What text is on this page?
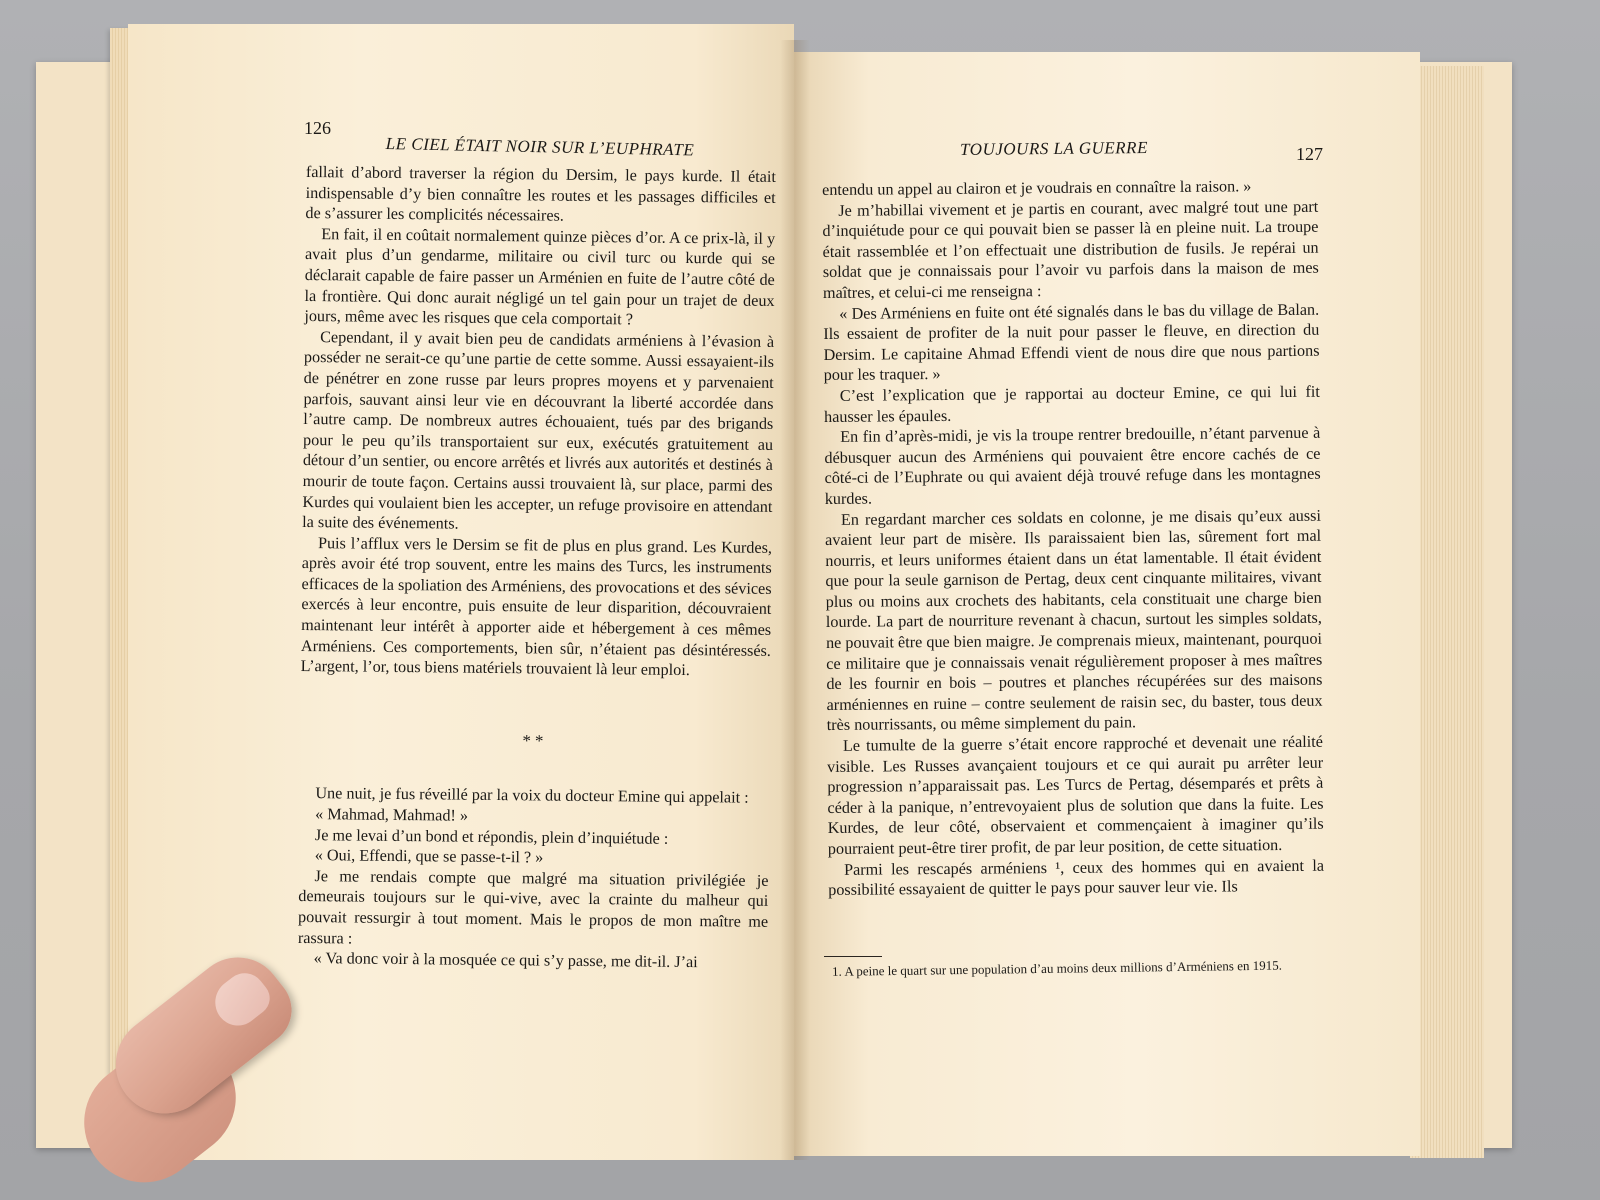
126
LE CIEL ÉTAIT NOIR SUR L’EUPHRATE

fallait d’abord traverser la région du Dersim, le pays kurde. Il était indispensable d’y bien connaître les routes et les passages difficiles et de s’assurer les complicités nécessaires.

En fait, il en coûtait normalement quinze pièces d’or. A ce prix-là, il y avait plus d’un gendarme, militaire ou civil turc ou kurde qui se déclarait capable de faire passer un Arménien en fuite de l’autre côté de la frontière. Qui donc aurait négligé un tel gain pour un trajet de deux jours, même avec les risques que cela comportait ?

Cependant, il y avait bien peu de candidats arméniens à l’évasion à posséder ne serait-ce qu’une partie de cette somme. Aussi essayaient-ils de pénétrer en zone russe par leurs propres moyens et y parvenaient parfois, sauvant ainsi leur vie en découvrant la liberté accordée dans l’autre camp. De nombreux autres échouaient, tués par des brigands pour le peu qu’ils transportaient sur eux, exécutés gratuitement au détour d’un sentier, ou encore arrêtés et livrés aux autorités et destinés à mourir de toute façon. Certains aussi trouvaient là, sur place, parmi des Kurdes qui voulaient bien les accepter, un refuge provisoire en attendant la suite des événements.

Puis l’afflux vers le Dersim se fit de plus en plus grand. Les Kurdes, après avoir été trop souvent, entre les mains des Turcs, les instruments efficaces de la spoliation des Arméniens, des provocations et des sévices exercés à leur encontre, puis ensuite de leur disparition, découvraient maintenant leur intérêt à apporter aide et hébergement à ces mêmes Arméniens. Ces comportements, bien sûr, n’étaient pas désintéressés. L’argent, l’or, tous biens matériels trouvaient là leur emploi.

**

Une nuit, je fus réveillé par la voix du docteur Emine qui appelait :

« Mahmad, Mahmad! »

Je me levai d’un bond et répondis, plein d’inquiétude :

« Oui, Effendi, que se passe-t-il ? »

Je me rendais compte que malgré ma situation privilégiée je demeurais toujours sur le qui-vive, avec la crainte du malheur qui pouvait ressurgir à tout moment. Mais le propos de mon maître me rassura :

« Va donc voir à la mosquée ce qui s’y passe, me dit-il. J’ai

TOUJOURS LA GUERRE	127

entendu un appel au clairon et je voudrais en connaître la raison. »

Je m’habillai vivement et je partis en courant, avec malgré tout une part d’inquiétude pour ce qui pouvait bien se passer là en pleine nuit. La troupe était rassemblée et l’on effectuait une distribution de fusils. Je repérai un soldat que je connaissais pour l’avoir vu parfois dans la maison de mes maîtres, et celui-ci me renseigna :

« Des Arméniens en fuite ont été signalés dans le bas du village de Balan. Ils essaient de profiter de la nuit pour passer le fleuve, en direction du Dersim. Le capitaine Ahmad Effendi vient de nous dire que nous partions pour les traquer. »

C’est l’explication que je rapportai au docteur Emine, ce qui lui fit hausser les épaules.

En fin d’après-midi, je vis la troupe rentrer bredouille, n’étant parvenue à débusquer aucun des Arméniens qui pouvaient être encore cachés de ce côté-ci de l’Euphrate ou qui avaient déjà trouvé refuge dans les montagnes kurdes.

En regardant marcher ces soldats en colonne, je me disais qu’eux aussi avaient leur part de misère. Ils paraissaient bien las, sûrement fort mal nourris, et leurs uniformes étaient dans un état lamentable. Il était évident que pour la seule garnison de Pertag, deux cent cinquante militaires, vivant plus ou moins aux crochets des habitants, cela constituait une charge bien lourde. La part de nourriture revenant à chacun, surtout les simples soldats, ne pouvait être que bien maigre. Je comprenais mieux, maintenant, pourquoi ce militaire que je connaissais venait régulièrement proposer à mes maîtres de les fournir en bois – poutres et planches récupérées sur des maisons arméniennes en ruine – contre seulement de raisin sec, du baster, tous deux très nourrissants, ou même simplement du pain.

Le tumulte de la guerre s’était encore rapproché et devenait une réalité visible. Les Russes avançaient toujours et ce qui aurait pu arrêter leur progression n’apparaissait pas. Les Turcs de Pertag, désemparés et prêts à céder à la panique, n’entrevoyaient plus de solution que dans la fuite. Les Kurdes, de leur côté, observaient et commençaient à imaginer qu’ils pourraient peut-être tirer profit, de par leur position, de cette situation.

Parmi les rescapés arméniens ¹, ceux des hommes qui en avaient la possibilité essayaient de quitter le pays pour sauver leur vie. Ils

1. A peine le quart sur une population d’au moins deux millions d’Arméniens en 1915.
